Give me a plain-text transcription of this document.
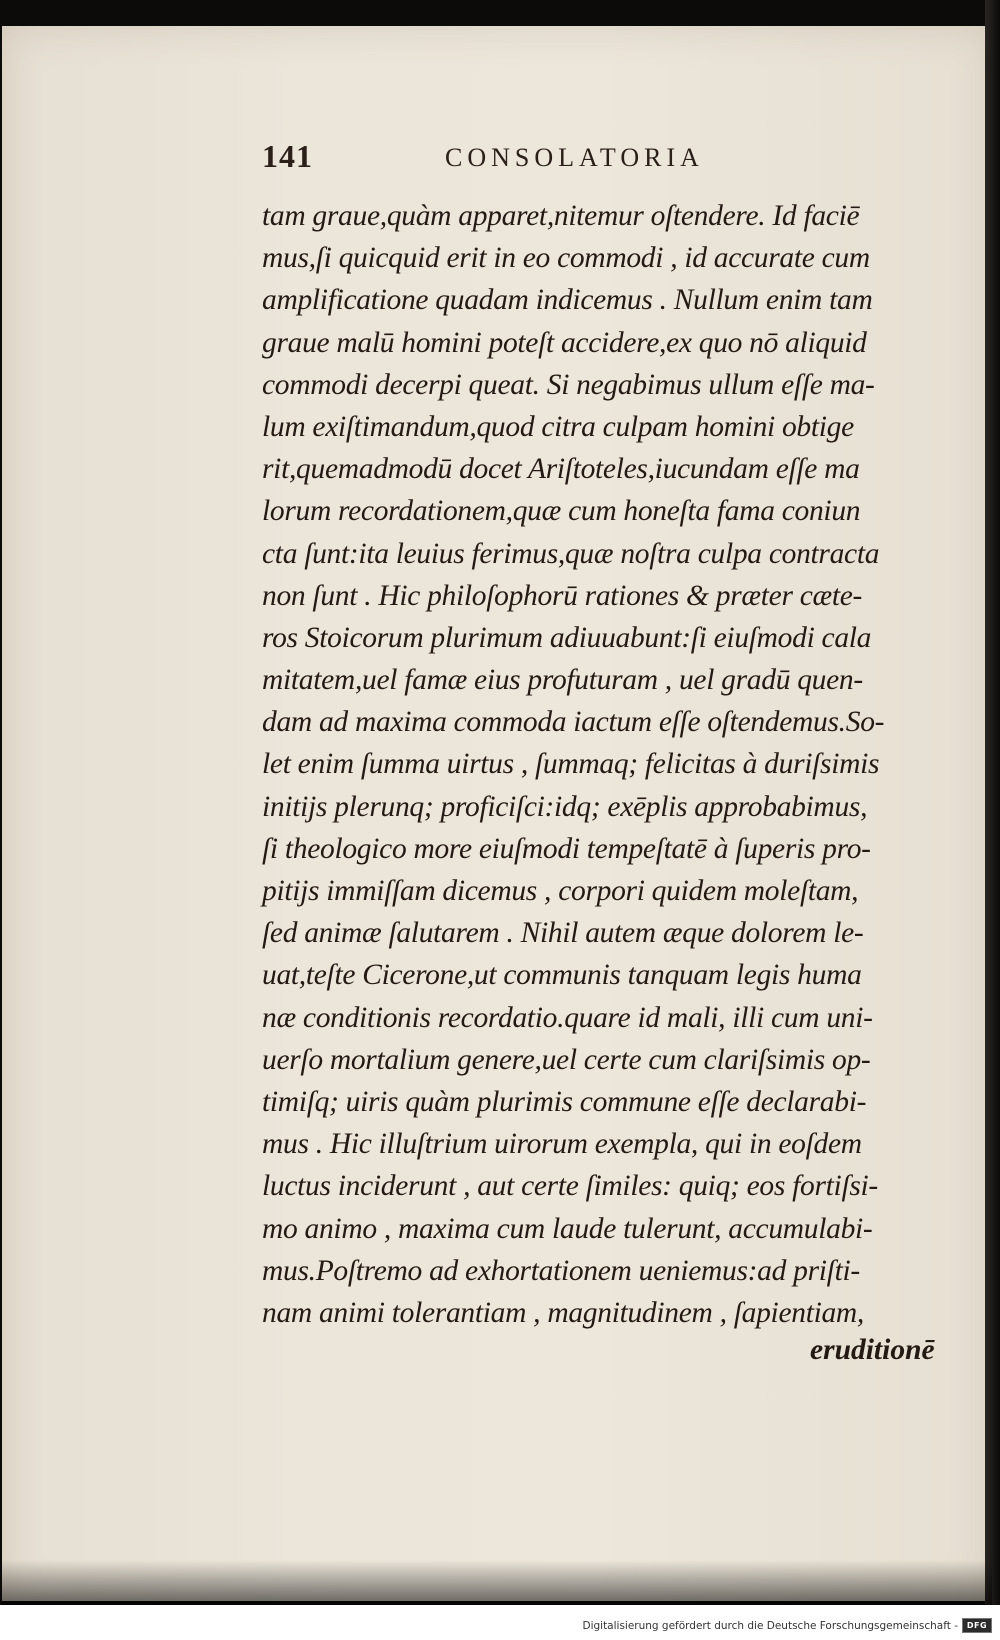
141	CONSOLATORIA
tam graue,quàm apparet,nitemur oſtendere. Id faciē
mus,ſi quicquid erit in eo commodi , id accurate cum
amplificatione quadam indicemus . Nullum enim tam
graue malū homini poteſt accidere,ex quo nō aliquid
commodi decerpi queat. Si negabimus ullum eſſe ma-
lum exiſtimandum,quod citra culpam homini obtige
rit,quemadmodū docet Ariſtoteles,iucundam eſſe ma
lorum recordationem,quæ cum honeſta fama coniun
cta ſunt:ita leuius ferimus,quæ noſtra culpa contracta
non ſunt . Hic philoſophorū rationes & præter cæte-
ros Stoicorum plurimum adiuuabunt:ſi eiuſmodi cala
mitatem,uel famæ eius profuturam , uel gradū quen-
dam ad maxima commoda iactum eſſe oſtendemus.So-
let enim ſumma uirtus , ſummaq; felicitas à duriſsimis
initijs plerunq; proficiſci:idq; exēplis approbabimus,
ſi theologico more eiuſmodi tempeſtatē à ſuperis pro-
pitijs immiſſam dicemus , corpori quidem moleſtam,
ſed animæ ſalutarem . Nihil autem æque dolorem le-
uat,teſte Cicerone,ut communis tanquam legis huma
næ conditionis recordatio.quare id mali, illi cum uni-
uerſo mortalium genere,uel certe cum clariſsimis op-
timiſq; uiris quàm plurimis commune eſſe declarabi-
mus . Hic illuſtrium uirorum exempla, qui in eoſdem
luctus inciderunt , aut certe ſimiles: quiq; eos fortiſsi-
mo animo , maxima cum laude tulerunt, accumulabi-
mus.Poſtremo ad exhortationem ueniemus:ad priſti-
nam animi tolerantiam , magnitudinem , ſapientiam,
eruditionē
Digitalisierung gefördert durch die Deutsche Forschungsgemeinschaft -	DFG
